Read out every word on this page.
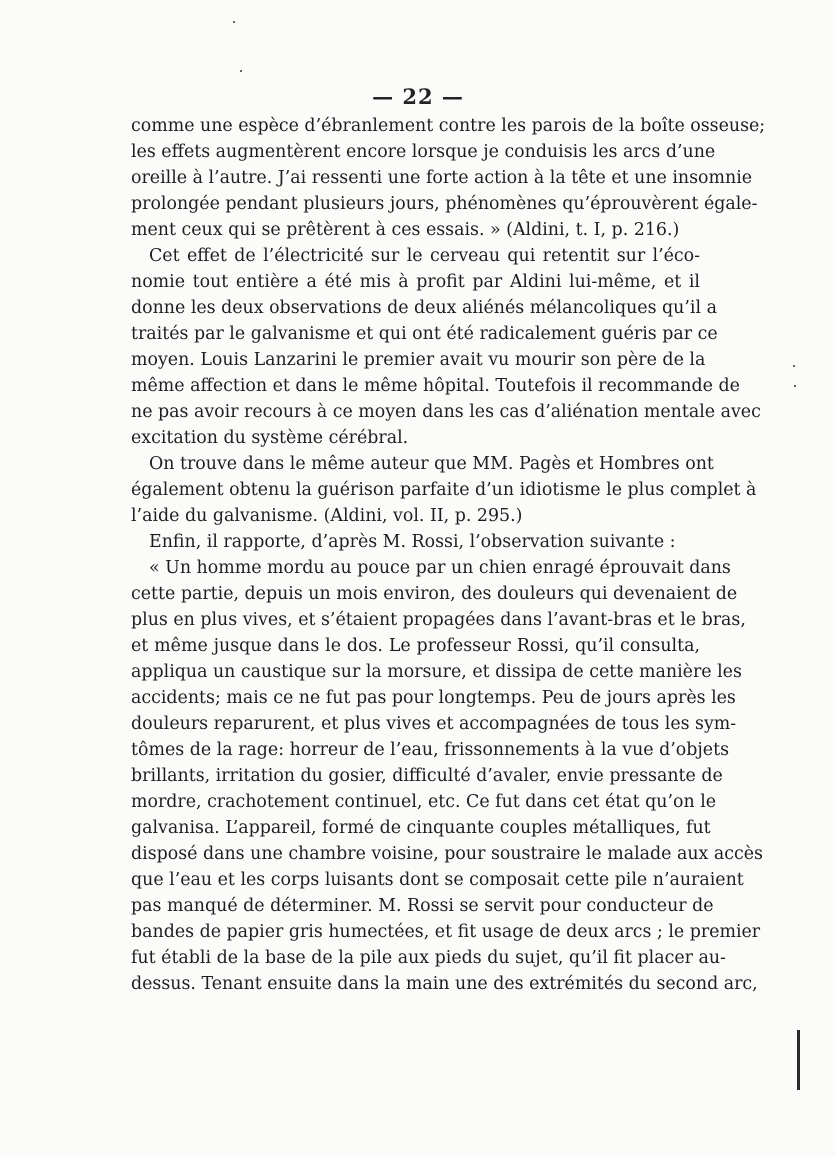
— 22 —
comme une espèce d’ébranlement contre les parois de la boîte osseuse;
les effets augmentèrent encore lorsque je conduisis les arcs d’une
oreille à l’autre. J’ai ressenti une forte action à la tête et une insomnie
prolongée pendant plusieurs jours, phénomènes qu’éprouvèrent égale-
ment ceux qui se prêtèrent à ces essais. » (Aldini, t. I, p. 216.)
Cet effet de l’électricité sur le cerveau qui retentit sur l’éco-
nomie tout entière a été mis à profit par Aldini lui-même, et il
donne les deux observations de deux aliénés mélancoliques qu’il a
traités par le galvanisme et qui ont été radicalement guéris par ce
moyen. Louis Lanzarini le premier avait vu mourir son père de la
même affection et dans le même hôpital. Toutefois il recommande de
ne pas avoir recours à ce moyen dans les cas d’aliénation mentale avec
excitation du système cérébral.
On trouve dans le même auteur que MM. Pagès et Hombres ont
également obtenu la guérison parfaite d’un idiotisme le plus complet à
l’aide du galvanisme. (Aldini, vol. II, p. 295.)
Enfin, il rapporte, d’après M. Rossi, l’observation suivante :
« Un homme mordu au pouce par un chien enragé éprouvait dans
cette partie, depuis un mois environ, des douleurs qui devenaient de
plus en plus vives, et s’étaient propagées dans l’avant-bras et le bras,
et même jusque dans le dos. Le professeur Rossi, qu’il consulta,
appliqua un caustique sur la morsure, et dissipa de cette manière les
accidents; mais ce ne fut pas pour longtemps. Peu de jours après les
douleurs reparurent, et plus vives et accompagnées de tous les sym-
tômes de la rage: horreur de l’eau, frissonnements à la vue d’objets
brillants, irritation du gosier, difficulté d’avaler, envie pressante de
mordre, crachotement continuel, etc. Ce fut dans cet état qu’on le
galvanisa. L’appareil, formé de cinquante couples métalliques, fut
disposé dans une chambre voisine, pour soustraire le malade aux accès
que l’eau et les corps luisants dont se composait cette pile n’auraient
pas manqué de déterminer. M. Rossi se servit pour conducteur de
bandes de papier gris humectées, et fit usage de deux arcs ; le premier
fut établi de la base de la pile aux pieds du sujet, qu’il fit placer au-
dessus. Tenant ensuite dans la main une des extrémités du second arc,
